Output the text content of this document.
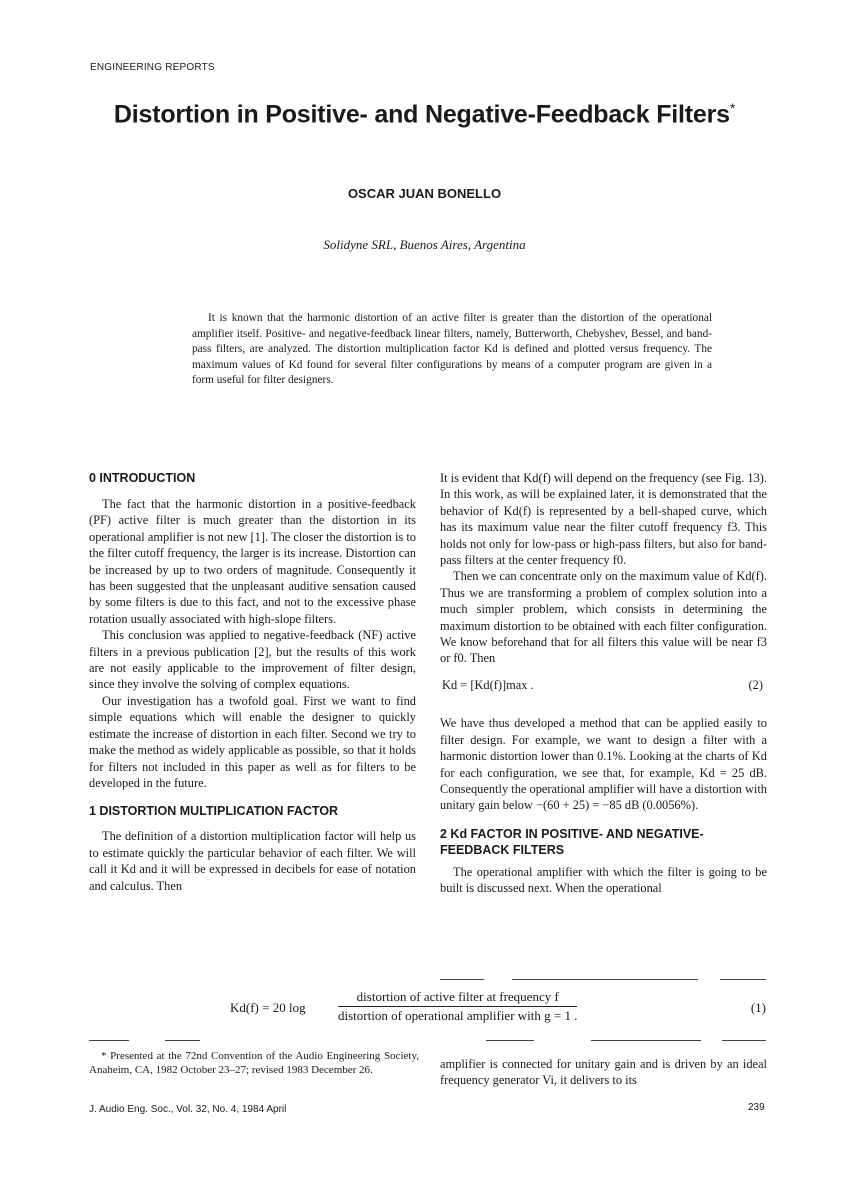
ENGINEERING REPORTS
Distortion in Positive- and Negative-Feedback Filters*
OSCAR JUAN BONELLO
Solidyne SRL, Buenos Aires, Argentina
It is known that the harmonic distortion of an active filter is greater than the distortion of the operational amplifier itself. Positive- and negative-feedback linear filters, namely, Butterworth, Chebyshev, Bessel, and band-pass filters, are analyzed. The distortion multiplication factor Kd is defined and plotted versus frequency. The maximum values of Kd found for several filter configurations by means of a computer program are given in a form useful for filter designers.
0 INTRODUCTION

The fact that the harmonic distortion in a positive-feedback (PF) active filter is much greater than the distortion in its operational amplifier is not new [1]. The closer the distortion is to the filter cutoff frequency, the larger is its increase. Distortion can be increased by up to two orders of magnitude. Consequently it has been suggested that the unpleasant auditive sensation caused by some filters is due to this fact, and not to the excessive phase rotation usually associated with high-slope filters.

This conclusion was applied to negative-feedback (NF) active filters in a previous publication [2], but the results of this work are not easily applicable to the improvement of filter design, since they involve the solving of complex equations.

Our investigation has a twofold goal. First we want to find simple equations which will enable the designer to quickly estimate the increase of distortion in each filter. Second we try to make the method as widely applicable as possible, so that it holds for filters not included in this paper as well as for filters to be developed in the future.

1 DISTORTION MULTIPLICATION FACTOR

The definition of a distortion multiplication factor will help us to estimate quickly the particular behavior of each filter. We will call it Kd and it will be expressed in decibels for ease of notation and calculus. Then

It is evident that Kd(f) will depend on the frequency (see Fig. 13). In this work, as will be explained later, it is demonstrated that the behavior of Kd(f) is represented by a bell-shaped curve, which has its maximum value near the filter cutoff frequency f3. This holds not only for low-pass or high-pass filters, but also for band-pass filters at the center frequency f0.

Then we can concentrate only on the maximum value of Kd(f). Thus we are transforming a problem of complex solution into a much simpler problem, which consists in determining the maximum distortion to be obtained with each filter configuration. We know beforehand that for all filters this value will be near f3 or f0. Then

Kd = [Kd(f)]max .	(2)

We have thus developed a method that can be applied easily to filter design. For example, we want to design a filter with a harmonic distortion lower than 0.1%. Looking at the charts of Kd for each configuration, we see that, for example, Kd = 25 dB. Consequently the operational amplifier will have a distortion with unitary gain below −(60 + 25) = −85 dB (0.0056%).

2 Kd FACTOR IN POSITIVE- AND NEGATIVE-FEEDBACK FILTERS

The operational amplifier with which the filter is going to be built is discussed next. When the operational

Kd(f) = 20 log
distortion of active filter at frequency f
distortion of operational amplifier with g = 1 .
(1)
* Presented at the 72nd Convention of the Audio Engineering Society, Anaheim, CA, 1982 October 23–27; revised 1983 December 26.	amplifier is connected for unitary gain and is driven by an ideal frequency generator Vi, it delivers to its
J. Audio Eng. Soc., Vol. 32, No. 4, 1984 April	239
